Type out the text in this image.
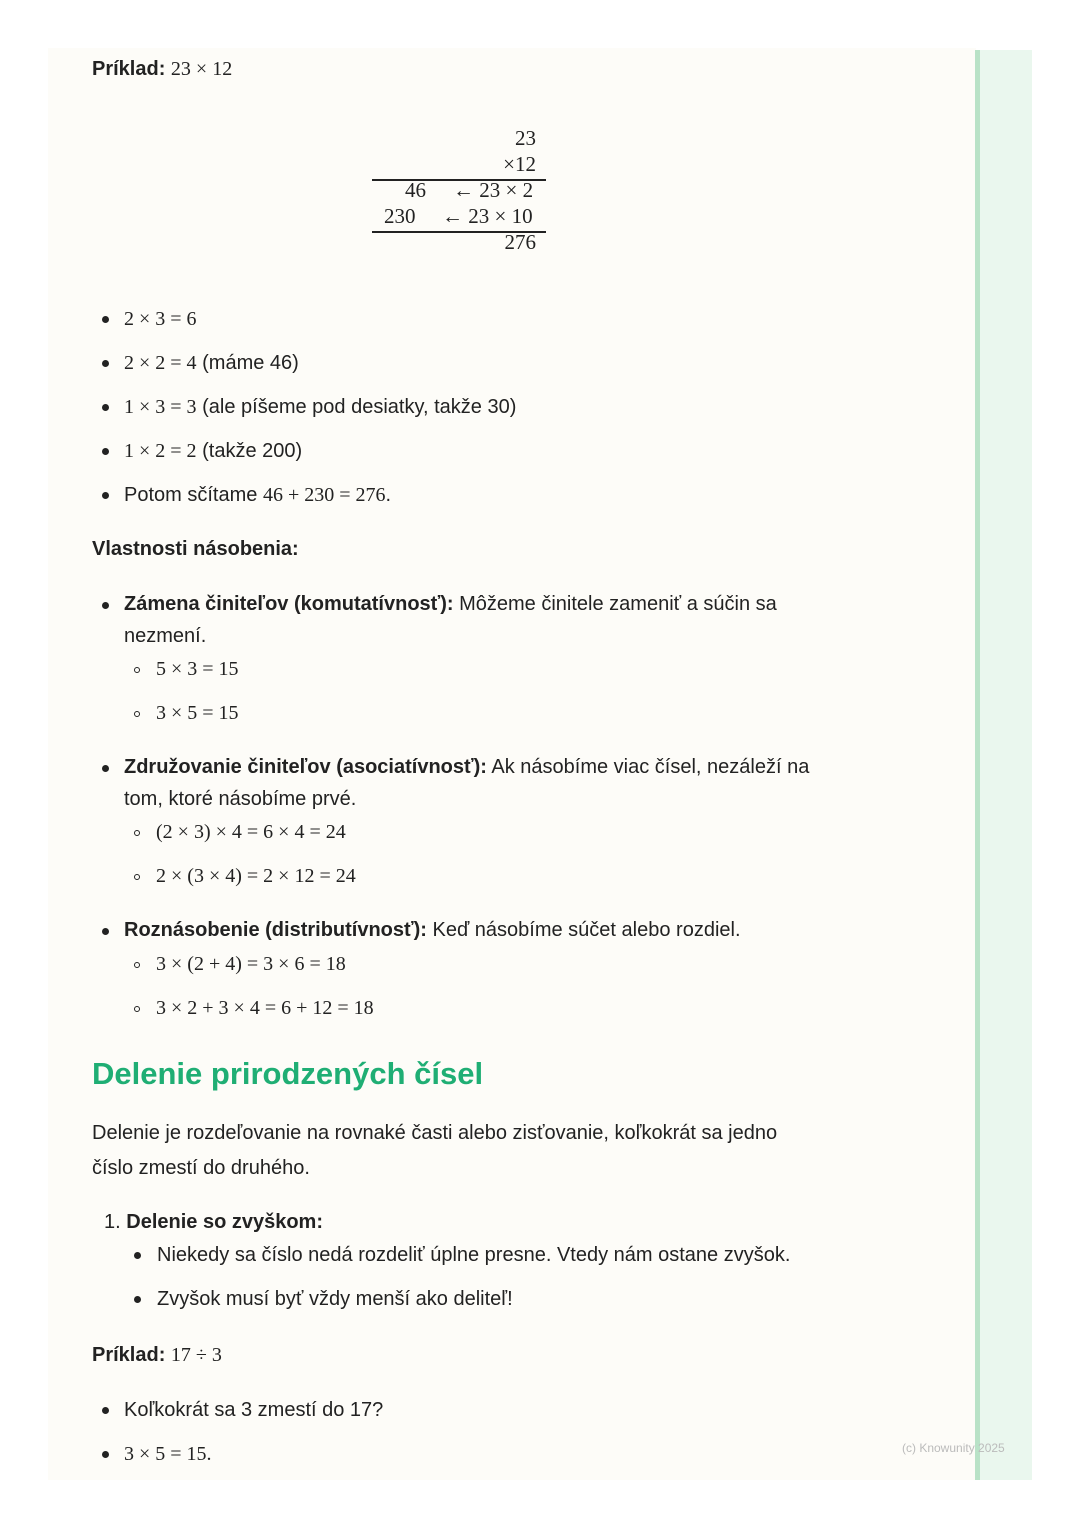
Príklad: 23 × 12
23
×12
46 ← 23 × 2
230 ← 23 × 10
276
2 × 3 = 6
2 × 2 = 4 (máme 46)
1 × 3 = 3 (ale píšeme pod desiatky, takže 30)
1 × 2 = 2 (takže 200)
Potom sčítame 46 + 230 = 276.
Vlastnosti násobenia:
Zámena činiteľov (komutatívnosť): Môžeme činitele zameniť a súčin sa
nezmení.
5 × 3 = 15
3 × 5 = 15
Združovanie činiteľov (asociatívnosť): Ak násobíme viac čísel, nezáleží na
tom, ktoré násobíme prvé.
(2 × 3) × 4 = 6 × 4 = 24
2 × (3 × 4) = 2 × 12 = 24
Roznásobenie (distributívnosť): Keď násobíme súčet alebo rozdiel.
3 × (2 + 4) = 3 × 6 = 18
3 × 2 + 3 × 4 = 6 + 12 = 18
Delenie prirodzených čísel
Delenie je rozdeľovanie na rovnaké časti alebo zisťovanie, koľkokrát sa jedno
číslo zmestí do druhého.
1. Delenie so zvyškom:
Niekedy sa číslo nedá rozdeliť úplne presne. Vtedy nám ostane zvyšok.
Zvyšok musí byť vždy menší ako deliteľ!
Príklad: 17 ÷ 3
Koľkokrát sa 3 zmestí do 17?
3 × 5 = 15.	(c) Knowunity 2025
